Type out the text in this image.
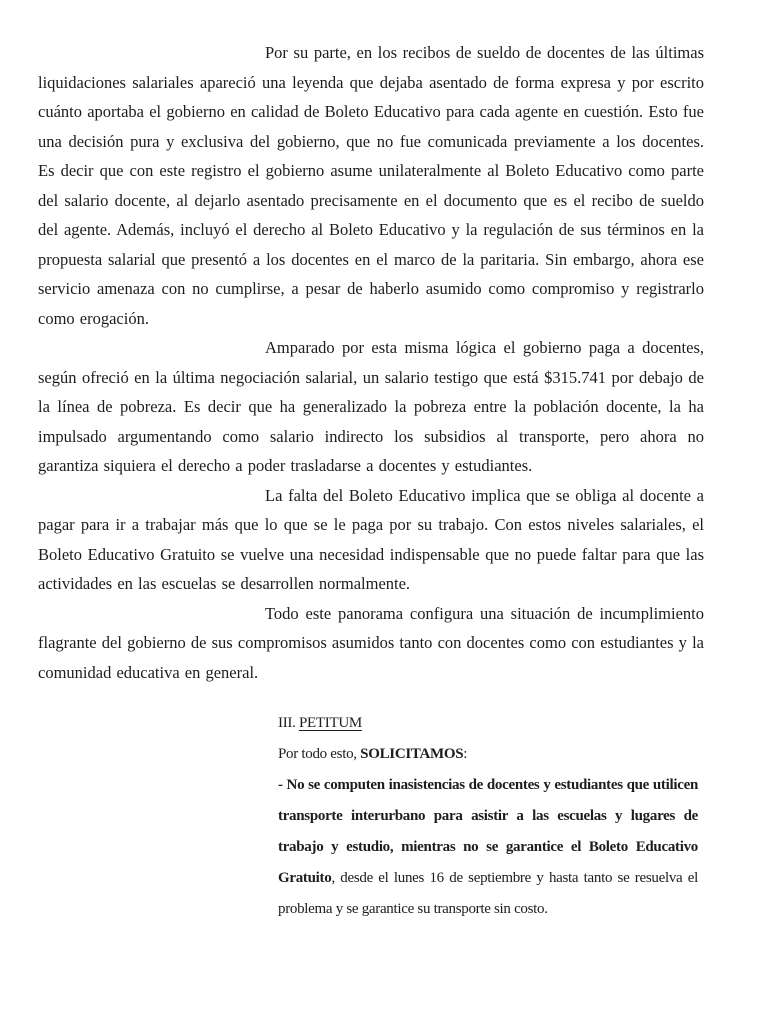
Por su parte, en los recibos de sueldo de docentes de las últimas liquidaciones salariales apareció una leyenda que dejaba asentado de forma expresa y por escrito cuánto aportaba el gobierno en calidad de Boleto Educativo para cada agente en cuestión. Esto fue una decisión pura y exclusiva del gobierno, que no fue comunicada previamente a los docentes. Es decir que con este registro el gobierno asume unilateralmente al Boleto Educativo como parte del salario docente, al dejarlo asentado precisamente en el documento que es el recibo de sueldo del agente. Además, incluyó el derecho al Boleto Educativo y la regulación de sus términos en la propuesta salarial que presentó a los docentes en el marco de la paritaria. Sin embargo, ahora ese servicio amenaza con no cumplirse, a pesar de haberlo asumido como compromiso y registrarlo como erogación.

Amparado por esta misma lógica el gobierno paga a docentes, según ofreció en la última negociación salarial, un salario testigo que está $315.741 por debajo de la línea de pobreza. Es decir que ha generalizado la pobreza entre la población docente, la ha impulsado argumentando como salario indirecto los subsidios al transporte, pero ahora no garantiza siquiera el derecho a poder trasladarse a docentes y estudiantes.

La falta del Boleto Educativo implica que se obliga al docente a pagar para ir a trabajar más que lo que se le paga por su trabajo. Con estos niveles salariales, el Boleto Educativo Gratuito se vuelve una necesidad indispensable que no puede faltar para que las actividades en las escuelas se desarrollen normalmente.

Todo este panorama configura una situación de incumplimiento flagrante del gobierno de sus compromisos asumidos tanto con docentes como con estudiantes y la comunidad educativa en general.

III. PETITUM

Por todo esto, SOLICITAMOS:

- No se computen inasistencias de docentes y estudiantes que utilicen transporte interurbano para asistir a las escuelas y lugares de trabajo y estudio, mientras no se garantice el Boleto Educativo Gratuito, desde el lunes 16 de septiembre y hasta tanto se resuelva el problema y se garantice su transporte sin costo.
